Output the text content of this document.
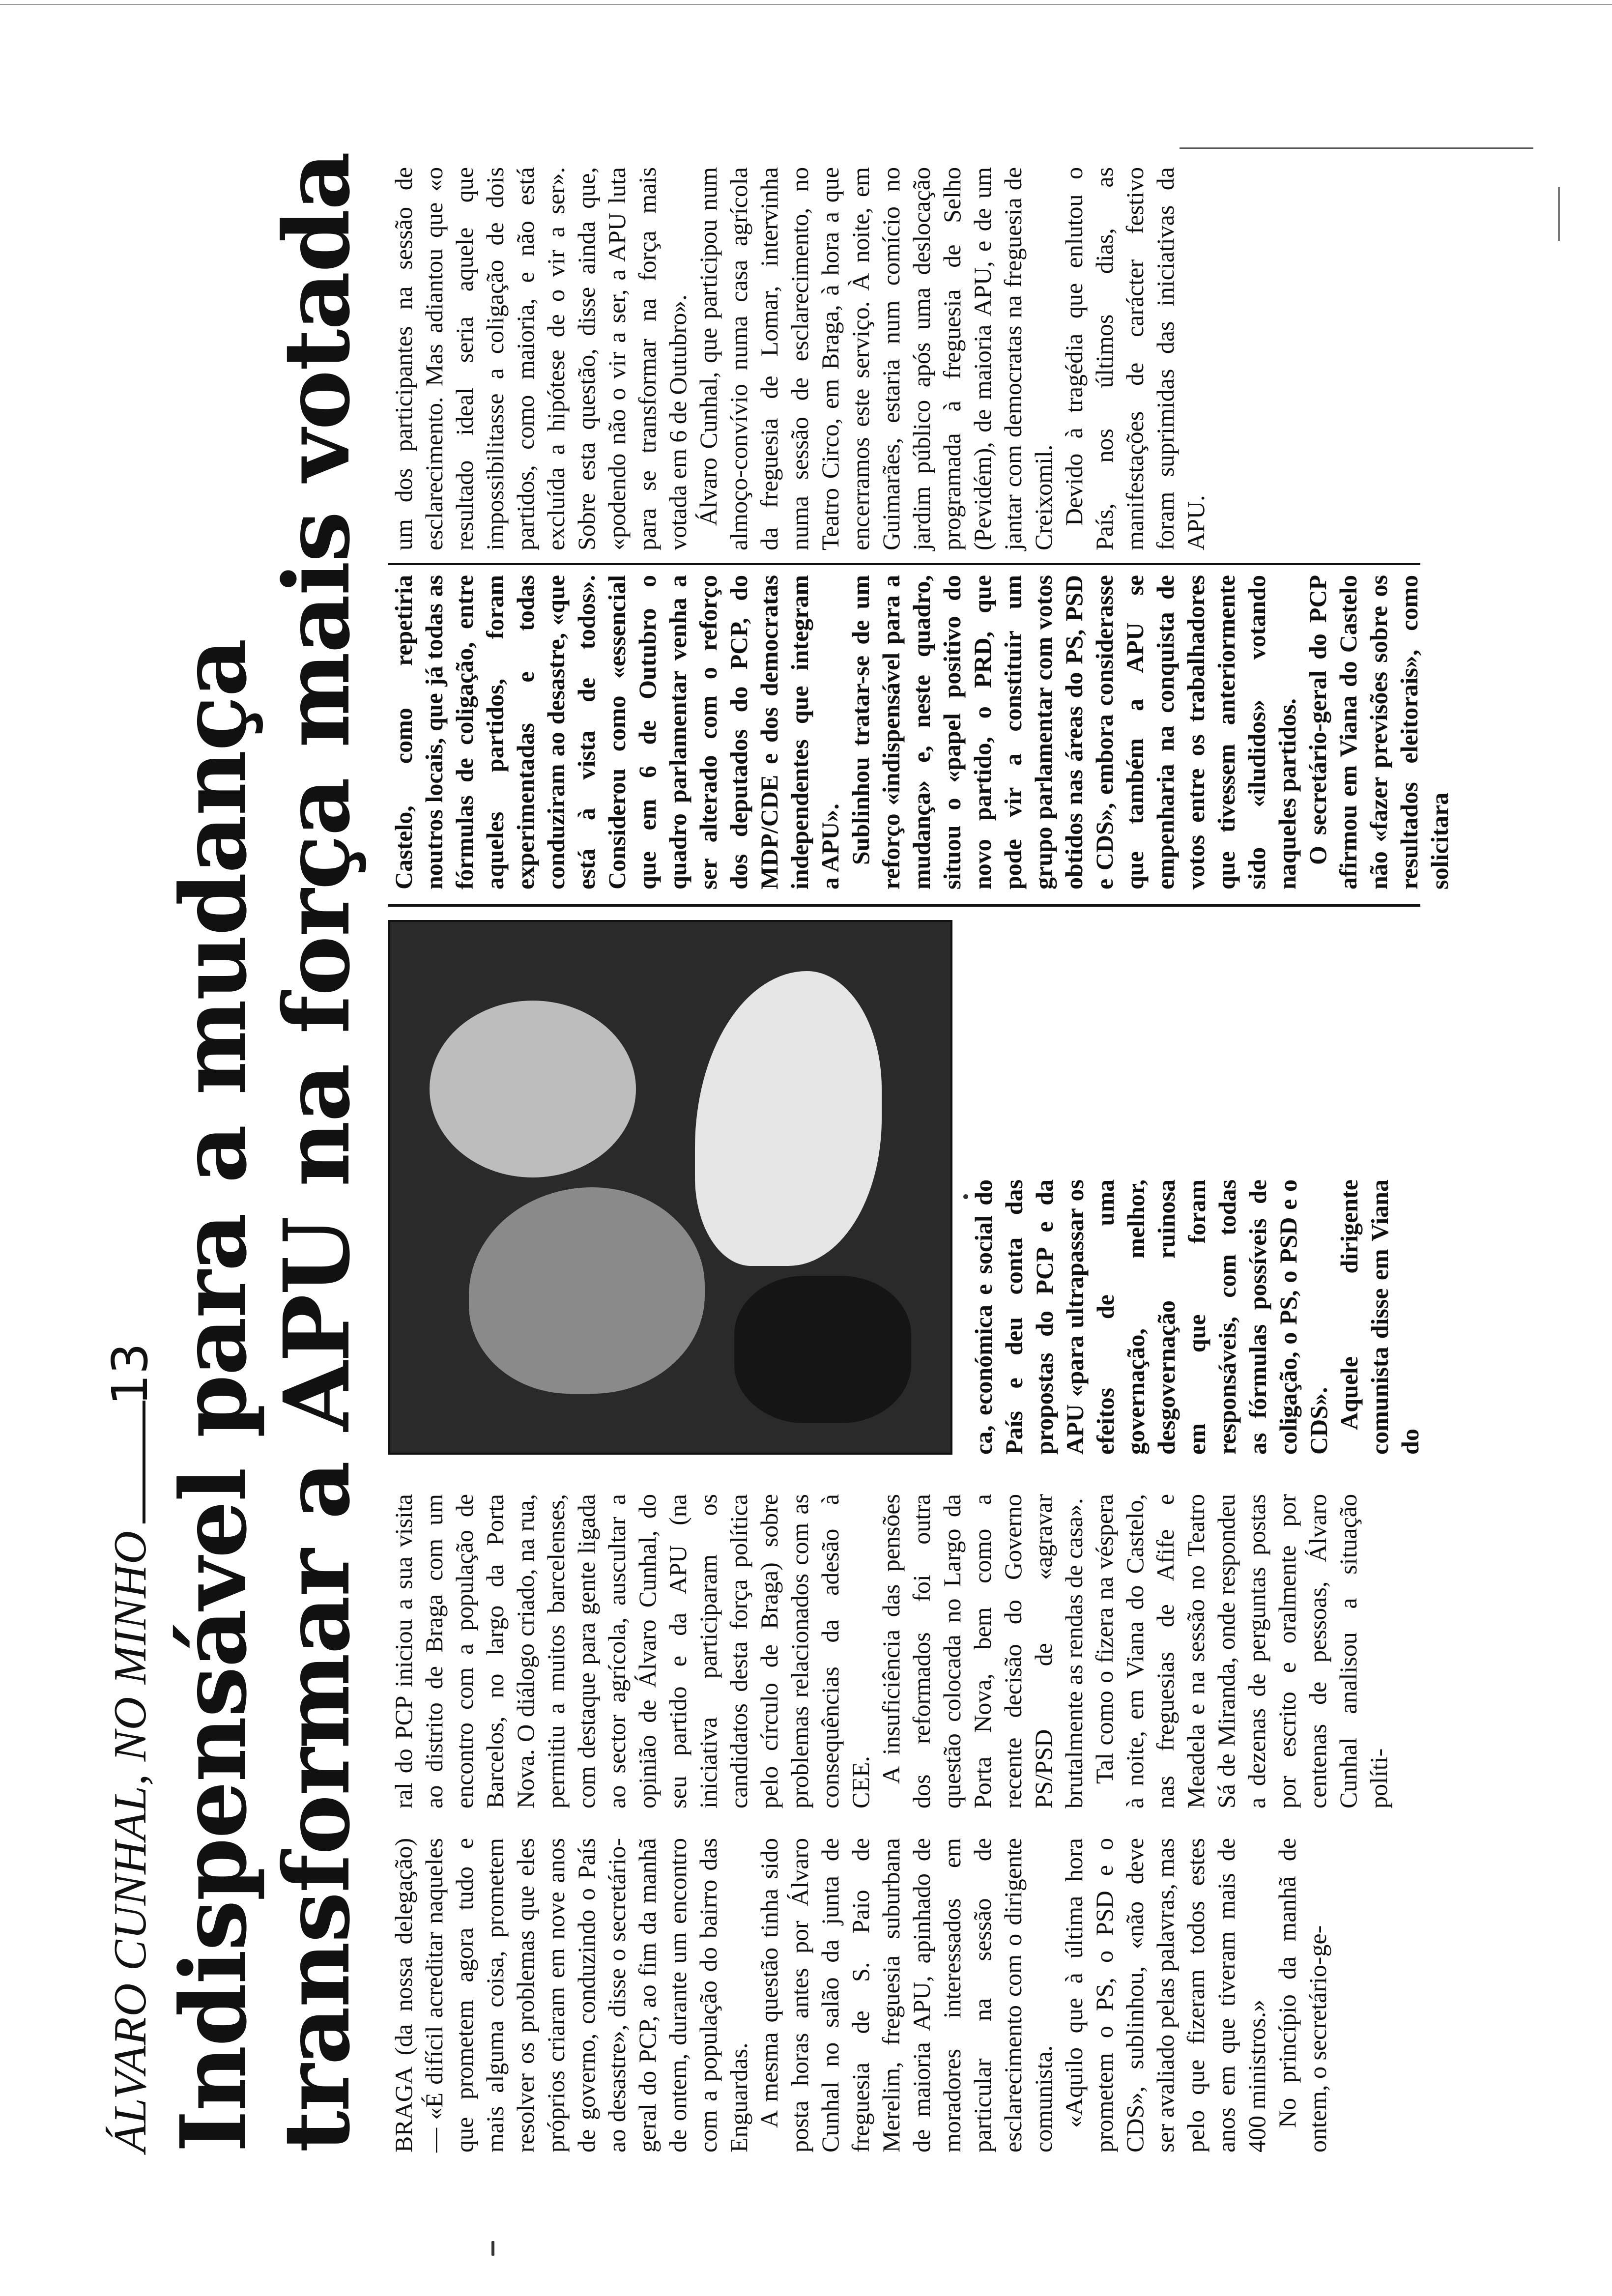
ÁLVARO CUNHAL, NO MINHO
13 Indispensável para a mudança
transformar a APU na força mais votada BRAGA (da nossa delegação) — «É difícil acreditar naqueles que prometem agora tudo e mais alguma coisa, prometem resolver os problemas que eles próprios criaram em nove anos de governo, conduzindo o País ao desastre», disse o secretário-geral do PCP, ao fim da manhã de ontem, durante um encontro com a população do bairro das Enguardas. A mesma questão tinha sido posta horas antes por Álvaro Cunhal no salão da junta de freguesia de S. Paio de Merelim, freguesia suburbana de maioria APU, apinhado de moradores interessados em particular na sessão de esclarecimento com o dirigente comunista. «Aquilo que à última hora prometem o PS, o PSD e o CDS», sublinhou, «não deve ser avaliado pelas palavras, mas pelo que fizeram todos estes anos em que tiveram mais de 400 ministros.» No princípio da manhã de ontem, o secretário-ge-

ral do PCP iniciou a sua visita ao distrito de Braga com um encontro com a população de Barcelos, no largo da Porta Nova. O diálogo criado, na rua, permitiu a muitos barcelenses, com destaque para gente ligada ao sector agrícola, auscultar a opinião de Álvaro Cunhal, do seu partido e da APU (na iniciativa participaram os candidatos desta força política pelo círculo de Braga) sobre problemas relacionados com as consequências da adesão à CEE. A insuficiência das pensões dos reformados foi outra questão colocada no Largo da Porta Nova, bem como a recente decisão do Governo PS/PSD de «agravar brutalmente as rendas de casa». Tal como o fizera na véspera à noite, em Viana do Castelo, nas freguesias de Afife e Meadela e na sessão no Teatro Sá de Miranda, onde respondeu a dezenas de perguntas postas por escrito e oralmente por centenas de pessoas, Álvaro Cunhal analisou a situação políti-

ca, económica e social do País e deu conta das propostas do PCP e da APU «para ultrapassar os efeitos de uma governação, melhor, desgovernação ruinosa em que foram responsáveis, com todas as fórmulas possíveis de coligação, o PS, o PSD e o CDS». Aquele dirigente comunista disse em Viana do

Castelo, como repetiria noutros locais, que já todas as fórmulas de coligação, entre aqueles partidos, foram experimentadas e todas conduziram ao desastre, «que está à vista de todos». Considerou como «essencial que em 6 de Outubro o quadro parlamentar venha a ser alterado com o reforço dos deputados do PCP, do MDP/CDE e dos democratas independentes que integram a APU». Sublinhou tratar-se de um reforço «indispensável para a mudança» e, neste quadro, situou o «papel positivo do novo partido, o PRD, que pode vir a constituir um grupo parlamentar com votos obtidos nas áreas do PS, PSD e CDS», embora considerasse que também a APU se empenharia na conquista de votos entre os trabalhadores que tivessem anteriormente sido «iludidos» votando naqueles partidos. O secretário-geral do PCP afirmou em Viana do Castelo não «fazer previsões sobre os resultados eleitorais», como solicitara

um dos participantes na sessão de esclarecimento. Mas adiantou que «o resultado ideal seria aquele que impossibilitasse a coligação de dois partidos, como maioria, e não está excluída a hipótese de o vir a ser». Sobre esta questão, disse ainda que, «podendo não o vir a ser, a APU luta para se transformar na força mais votada em 6 de Outubro». Álvaro Cunhal, que participou num almoço-convívio numa casa agrícola da freguesia de Lomar, intervinha numa sessão de esclarecimento, no Teatro Circo, em Braga, à hora a que encerramos este serviço. À noite, em Guimarães, estaria num comício no jardim público após uma deslocação programada à freguesia de Selho (Pevidém), de maioria APU, e de um jantar com democratas na freguesia de Creixomil. Devido à tragédia que enlutou o País, nos últimos dias, as manifestações de carácter festivo foram suprimidas das iniciativas da APU.
